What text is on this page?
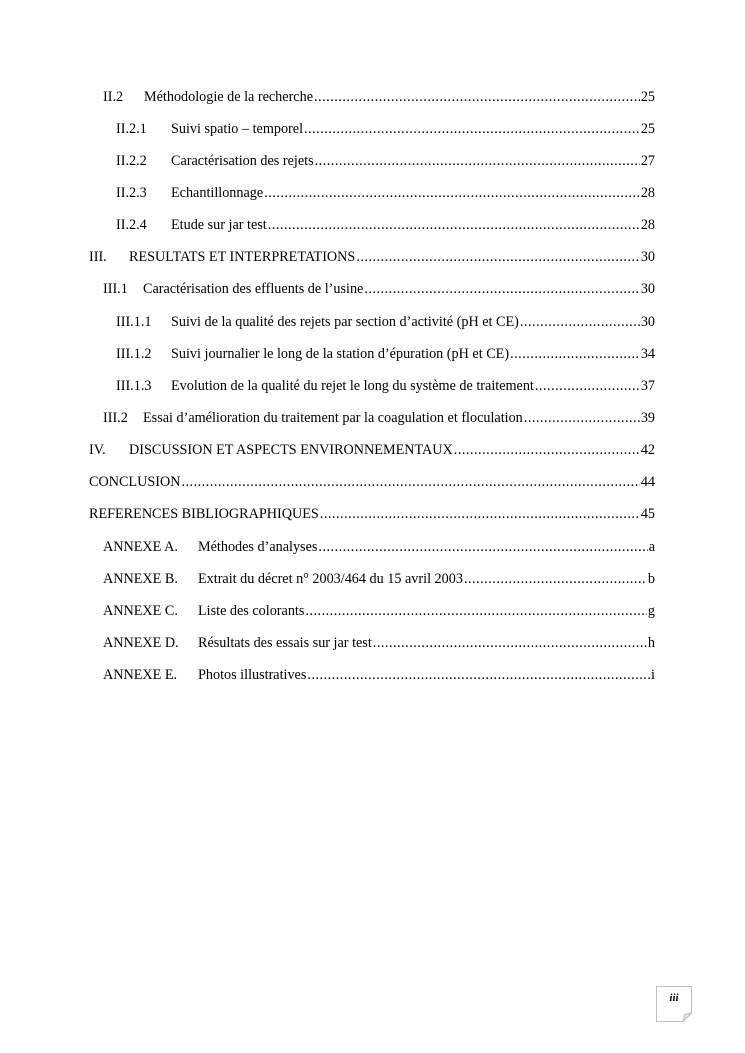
II.2	Méthodologie de la recherche .....	25
II.2.1	Suivi spatio – temporel .....	25
II.2.2	Caractérisation des rejets .....	27
II.2.3	Echantillonnage .....	28
II.2.4	Etude sur jar test .....	28
III.	RESULTATS ET INTERPRETATIONS .....	30
III.1	Caractérisation des effluents de l’usine .....	30
III.1.1	Suivi de la qualité des rejets par section d’activité (pH et CE) .....	30
III.1.2	Suivi journalier le long de la station d’épuration (pH et CE) .....	34
III.1.3	Evolution de la qualité du rejet le long du système de traitement .....	37
III.2	Essai d’amélioration du traitement par la coagulation et floculation .....	39
IV.	DISCUSSION ET ASPECTS ENVIRONNEMENTAUX .....	42
CONCLUSION .....	44
REFERENCES BIBLIOGRAPHIQUES .....	45
ANNEXE A.	Méthodes d’analyses .....	a
ANNEXE B.	Extrait du décret n° 2003/464 du 15 avril 2003 .....	b
ANNEXE C.	Liste des colorants .....	g
ANNEXE D.	Résultats des essais sur jar test .....	h
ANNEXE E.	Photos illustratives .....	i
iii
